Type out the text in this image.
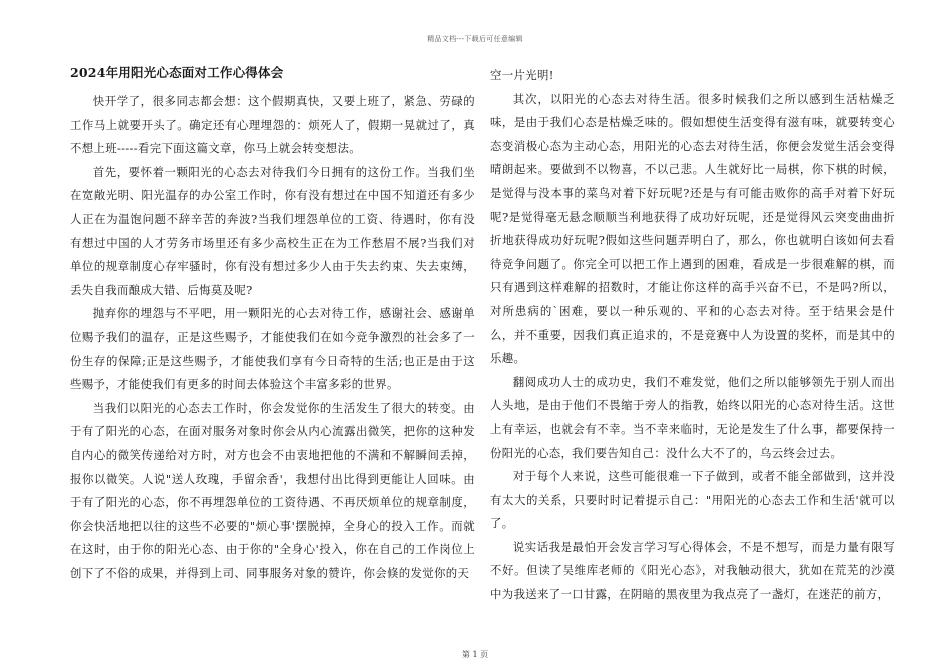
精品文档---下载后可任意编辑
2024年用阳光心态面对工作心得体会

快开学了，很多同志都会想：这个假期真快，又要上班了，紧急、劳碌的工作马上就要开头了。确定还有心理埋怨的：烦死人了，假期一晃就过了，真不想上班-----看完下面这篇文章，你马上就会转变想法。

首先，要怀着一颗阳光的心态去对待我们今日拥有的这份工作。当我们坐在宽敞光明、阳光温存的办公室工作时，你有没有想过在中国不知道还有多少人正在为温饱问题不辞辛苦的奔波?当我们埋怨单位的工资、待遇时，你有没有想过中国的人才劳务市场里还有多少高校生正在为工作愁眉不展?当我们对单位的规章制度心存牢骚时，你有没有想过多少人由于失去约束、失去束缚，丢失自我而酿成大错、后悔莫及呢?

抛弃你的埋怨与不平吧，用一颗阳光的心去对待工作，感谢社会、感谢单位赐予我们的温存，正是这些赐予，才能使我们在如今竞争激烈的社会多了一份生存的保障;正是这些赐予，才能使我们享有今日奇特的生活;也正是由于这些赐予，才能使我们有更多的时间去体验这个丰富多彩的世界。

当我们以阳光的心态去工作时，你会发觉你的生活发生了很大的转变。由于有了阳光的心态，在面对服务对象时你会从内心流露出微笑，把你的这种发自内心的微笑传递给对方时，对方也会不由衷地把他的不满和不解瞬间丢掉，报你以微笑。人说"送人玫瑰，手留余香'，我想付出比得到更能让人回味。由于有了阳光的心态，你不再埋怨单位的工资待遇、不再厌烦单位的规章制度，你会快活地把以往的这些不必要的"烦心事'摆脱掉，全身心的投入工作。而就在这时，由于你的阳光心态、由于你的"全身心'投入，你在自己的工作岗位上创下了不俗的成果，并得到上司、同事服务对象的赞许，你会倏的发觉你的天

空一片光明!

其次，以阳光的心态去对待生活。很多时候我们之所以感到生活枯燥乏味，是由于我们心态是枯燥乏味的。假如想使生活变得有滋有味，就要转变心态变消极心态为主动心态，用阳光的心态去对待生活，你便会发觉生活会变得晴朗起来。要做到不以物喜，不以己悲。人生就好比一局棋，你下棋的时候，是觉得与没本事的菜鸟对着下好玩呢?还是与有可能击败你的高手对着下好玩呢?是觉得毫无悬念顺顺当利地获得了成功好玩呢，还是觉得风云突变曲曲折折地获得成功好玩呢?假如这些问题弄明白了，那么，你也就明白该如何去看待竞争问题了。你完全可以把工作上遇到的困难，看成是一步很难解的棋，而只有遇到这样难解的招数时，才能让你这样的高手兴奋不已，不是吗?所以，对所患病的`困难，要以一种乐观的、平和的心态去对待。至于结果会是什么，并不重要，因我们真正追求的，不是竞赛中人为设置的奖杯，而是其中的乐趣。

翻阅成功人士的成功史，我们不难发觉，他们之所以能够领先于别人而出人头地，是由于他们不畏缩于旁人的指教，始终以阳光的心态对待生活。这世上有幸运，也就会有不幸。当不幸来临时，无论是发生了什么事，都要保持一份阳光的心态，我们要告知自己：没什么大不了的，乌云终会过去。

对于每个人来说，这些可能很难一下子做到，或者不能全部做到，这并没有太大的关系，只要时时记着提示自己："用阳光的心态去工作和生活'就可以了。

说实话我是最怕开会发言学习写心得体会，不是不想写，而是力量有限写不好。但读了吴维库老师的《阳光心态》，对我触动很大，犹如在荒芜的沙漠中为我送来了一口甘露，在阴暗的黑夜里为我点亮了一盏灯，在迷茫的前方，

第 1 页
